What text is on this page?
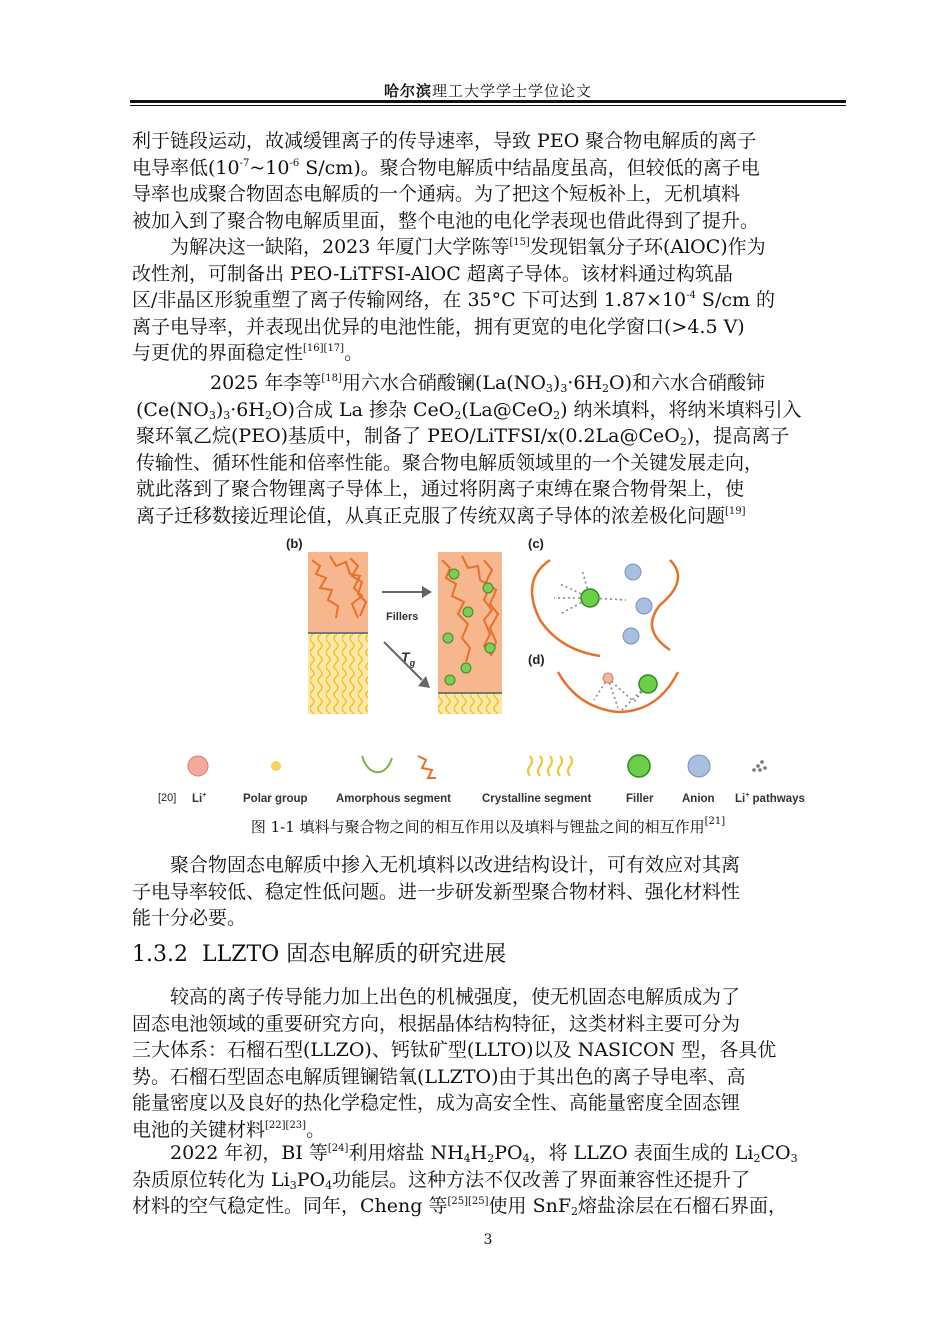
哈尔滨理工大学学士学位论文

利于链段运动，故减缓锂离子的传导速率，导致 PEO 聚合物电解质的离子

电导率低($10^{-7}\sim 10^{-6}$ S/cm)。聚合物电解质中结晶度虽高，但较低的离子电

导率也成聚合物固态电解质的一个通病。为了把这个短板补上，无机填料

被加入到了聚合物电解质里面，整个电池的电化学表现也借此得到了提升。

为解决这一缺陷，2023 年厦门大学陈等[15]发现铝氧分子环(AlOC)作为

改性剂，可制备出 PEO-LiTFSI-AlOC 超离子导体。该材料通过构筑晶

区/非晶区形貌重塑了离子传输网络，在 35°C 下可达到 $1.87\times 10^{-4}$ S/cm 的

离子电导率，并表现出优异的电池性能，拥有更宽的电化学窗口(>4.5 V)

与更优的界面稳定性[16][17]。

2025 年李等[18]用六水合硝酸镧$(La(NO_3)_3\cdot 6H_2O)$和六水合硝酸铈

$(Ce(NO_3)_3\cdot 6H_2O)$合成 La 掺杂 CeO$_2$(La@CeO$_2$) 纳米填料，将纳米填料引入

聚环氧乙烷(PEO)基质中，制备了 PEO/LiTFSI/x(0.2La@CeO$_2$)，提高离子

传输性、循环性能和倍率性能。聚合物电解质领域里的一个关键发展走向，

就此落到了聚合物锂离子导体上，通过将阴离子束缚在聚合物骨架上，使

离子迁移数接近理论值，从真正克服了传统双离子导体的浓差极化问题[19]

(b)
Fillers
$T_g$
(c)
(d)
Li+	Polar group Amorphous segment	Crystalline segment	Filler Anion Li+ pathways
[20]
图 1-1 填料与聚合物之间的相互作用以及填料与锂盐之间的相互作用[21]

聚合物固态电解质中掺入无机填料以改进结构设计，可有效应对其离

子电导率较低、稳定性低问题。进一步研发新型聚合物材料、强化材料性

能十分必要。

1.3.2 LLZTO 固态电解质的研究进展

较高的离子传导能力加上出色的机械强度，使无机固态电解质成为了

固态电池领域的重要研究方向，根据晶体结构特征，这类材料主要可分为

三大体系：石榴石型(LLZO)、钙钛矿型(LLTO)以及 NASICON 型，各具优

势。石榴石型固态电解质锂镧锆氧(LLZTO)由于其出色的离子导电率、高

能量密度以及良好的热化学稳定性，成为高安全性、高能量密度全固态锂

电池的关键材料[22][23]。

2022 年初，BI 等[24]利用熔盐 $NH_4H_2PO_4$，将 LLZO 表面生成的 $Li_2CO_3$

杂质原位转化为 $Li_3PO_4$功能层。这种方法不仅改善了界面兼容性还提升了

材料的空气稳定性。同年，Cheng 等[25][25]使用 SnF$_2$熔盐涂层在石榴石界面，

3
